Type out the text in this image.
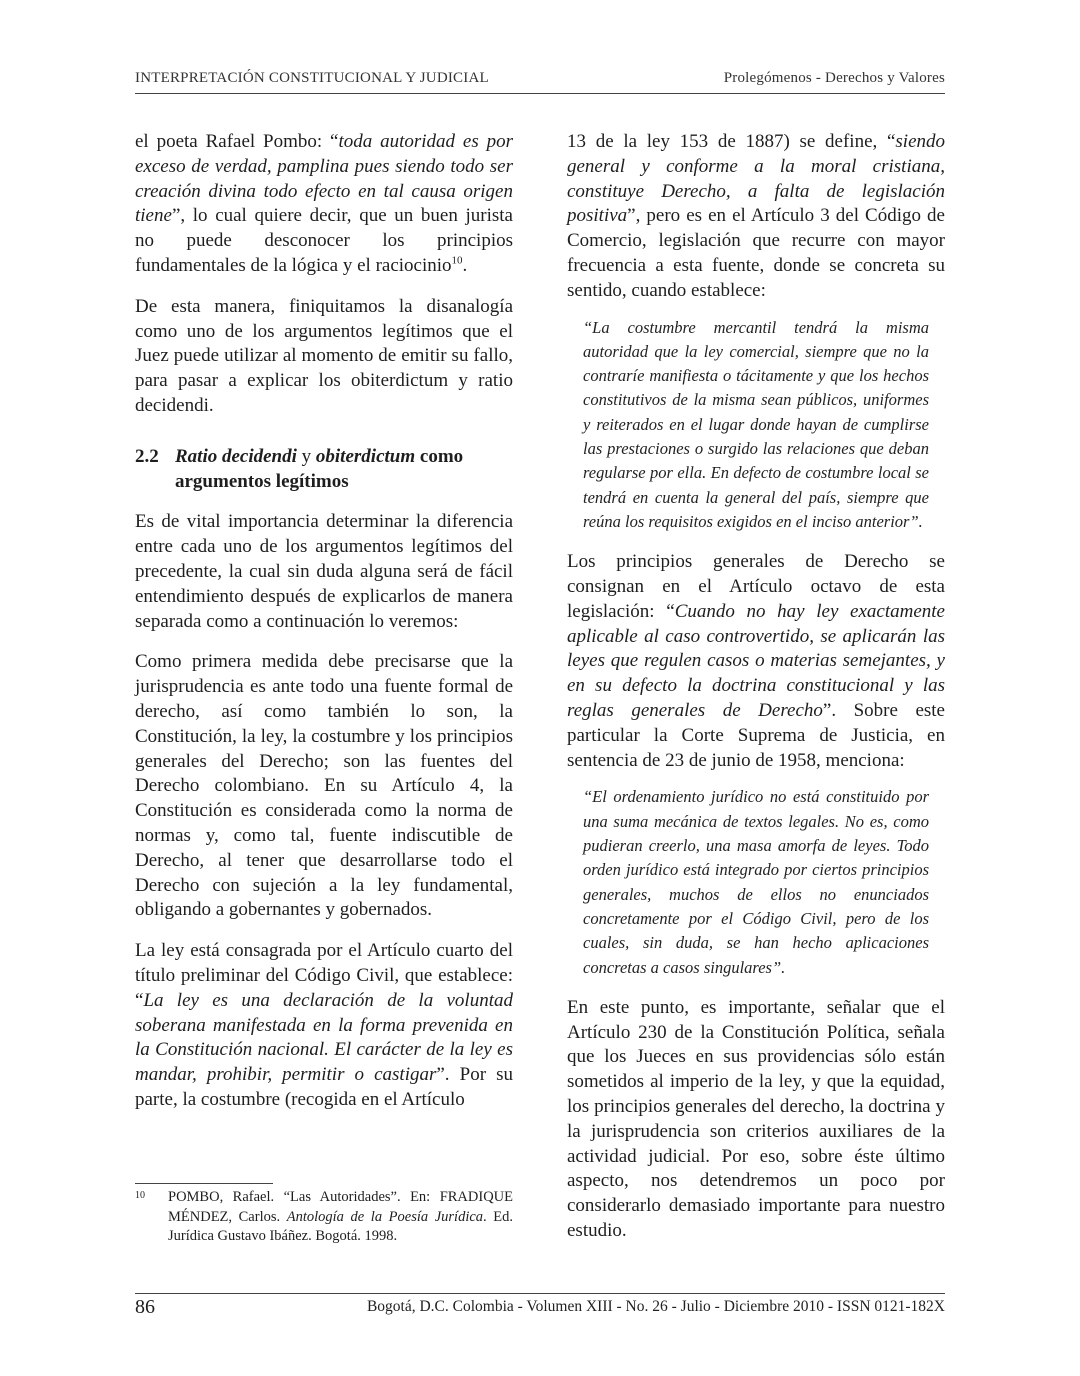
INTERPRETACIÓN CONSTITUCIONAL Y JUDICIAL	Prolegómenos - Derechos y Valores

el poeta Rafael Pombo: “toda autoridad es por exceso de verdad, pamplina pues siendo todo ser creación divina todo efecto en tal causa origen tiene”, lo cual quiere decir, que un buen jurista no puede desconocer los principios fundamentales de la lógica y el raciocinio$^{10}$.

De esta manera, finiquitamos la disanalogía como uno de los argumentos legítimos que el Juez puede utilizar al momento de emitir su fallo, para pasar a explicar los obiterdictum y ratio decidendi.

2.2 Ratio decidendi y obiterdictum como argumentos legítimos

Es de vital importancia determinar la diferencia entre cada uno de los argumentos legítimos del precedente, la cual sin duda alguna será de fácil entendimiento después de explicarlos de manera separada como a continuación lo veremos:

Como primera medida debe precisarse que la jurisprudencia es ante todo una fuente formal de derecho, así como también lo son, la Constitución, la ley, la costumbre y los principios generales del Derecho; son las fuentes del Derecho colombiano. En su Artículo 4, la Constitución es considerada como la norma de normas y, como tal, fuente indiscutible de Derecho, al tener que desarrollarse todo el Derecho con sujeción a la ley fundamental, obligando a gobernantes y gobernados.

La ley está consagrada por el Artículo cuarto del título preliminar del Código Civil, que establece: “La ley es una declaración de la voluntad soberana manifestada en la forma prevenida en la Constitución nacional. El carácter de la ley es mandar, prohibir, permitir o castigar”. Por su parte, la costumbre (recogida en el Artículo

10 POMBO, Rafael. “Las Autoridades”. En: FRADIQUE MÉNDEZ, Carlos. Antología de la Poesía Jurídica. Ed. Jurídica Gustavo Ibáñez. Bogotá. 1998.

13 de la ley 153 de 1887) se define, “siendo general y conforme a la moral cristiana, constituye Derecho, a falta de legislación positiva”, pero es en el Artículo 3 del Código de Comercio, legislación que recurre con mayor frecuencia a esta fuente, donde se concreta su sentido, cuando establece:

“La costumbre mercantil tendrá la misma autoridad que la ley comercial, siempre que no la contraríe manifiesta o tácitamente y que los hechos constitutivos de la misma sean públicos, uniformes y reiterados en el lugar donde hayan de cumplirse las prestaciones o surgido las relaciones que deban regularse por ella. En defecto de costumbre local se tendrá en cuenta la general del país, siempre que reúna los requisitos exigidos en el inciso anterior”.

Los principios generales de Derecho se consignan en el Artículo octavo de esta legislación: “Cuando no hay ley exactamente aplicable al caso controvertido, se aplicarán las leyes que regulen casos o materias semejantes, y en su defecto la doctrina constitucional y las reglas generales de Derecho”. Sobre este particular la Corte Suprema de Justicia, en sentencia de 23 de junio de 1958, menciona:

“El ordenamiento jurídico no está constituido por una suma mecánica de textos legales. No es, como pudieran creerlo, una masa amorfa de leyes. Todo orden jurídico está integrado por ciertos principios generales, muchos de ellos no enunciados concretamente por el Código Civil, pero de los cuales, sin duda, se han hecho aplicaciones concretas a casos singulares”.

En este punto, es importante, señalar que el Artículo 230 de la Constitución Política, señala que los Jueces en sus providencias sólo están sometidos al imperio de la ley, y que la equidad, los principios generales del derecho, la doctrina y la jurisprudencia son criterios auxiliares de la actividad judicial. Por eso, sobre éste último aspecto, nos detendremos un poco por considerarlo demasiado importante para nuestro estudio.

86	Bogotá, D.C. Colombia - Volumen XIII - No. 26 - Julio - Diciembre 2010 - ISSN 0121-182X
